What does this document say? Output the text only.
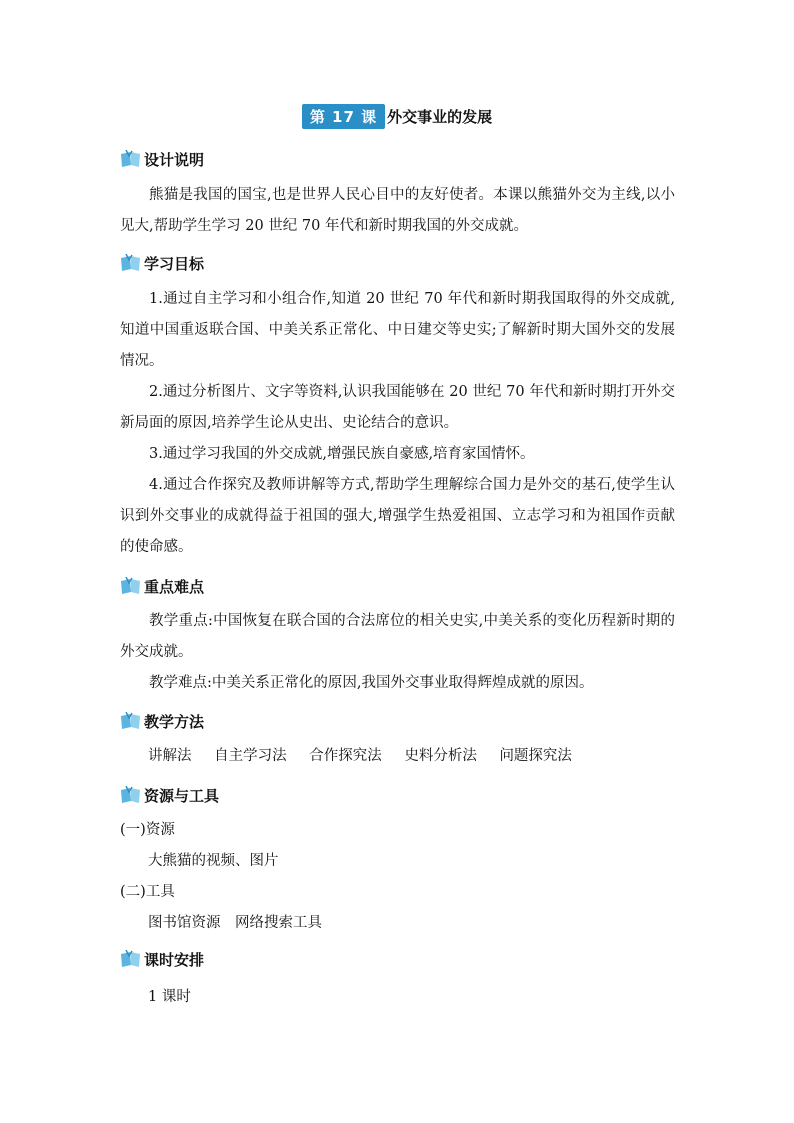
第 17 课 外交事业的发展
设计说明

熊猫是我国的国宝,也是世界人民心目中的友好使者。本课以熊猫外交为主线,以小见大,帮助学生学习 20 世纪 70 年代和新时期我国的外交成就。

学习目标

1.通过自主学习和小组合作,知道 20 世纪 70 年代和新时期我国取得的外交成就,知道中国重返联合国、中美关系正常化、中日建交等史实;了解新时期大国外交的发展情况。

2.通过分析图片、文字等资料,认识我国能够在 20 世纪 70 年代和新时期打开外交新局面的原因,培养学生论从史出、史论结合的意识。

3.通过学习我国的外交成就,增强民族自豪感,培育家国情怀。

4.通过合作探究及教师讲解等方式,帮助学生理解综合国力是外交的基石,使学生认识到外交事业的成就得益于祖国的强大,增强学生热爱祖国、立志学习和为祖国作贡献的使命感。

重点难点

教学重点:中国恢复在联合国的合法席位的相关史实,中美关系的变化历程新时期的外交成就。

教学难点:中美关系正常化的原因,我国外交事业取得辉煌成就的原因。

教学方法

讲解法 自主学习法 合作探究法 史料分析法 问题探究法

资源与工具

(一)资源

大熊猫的视频、图片

(二)工具

图书馆资源　网络搜索工具

课时安排

1 课时
